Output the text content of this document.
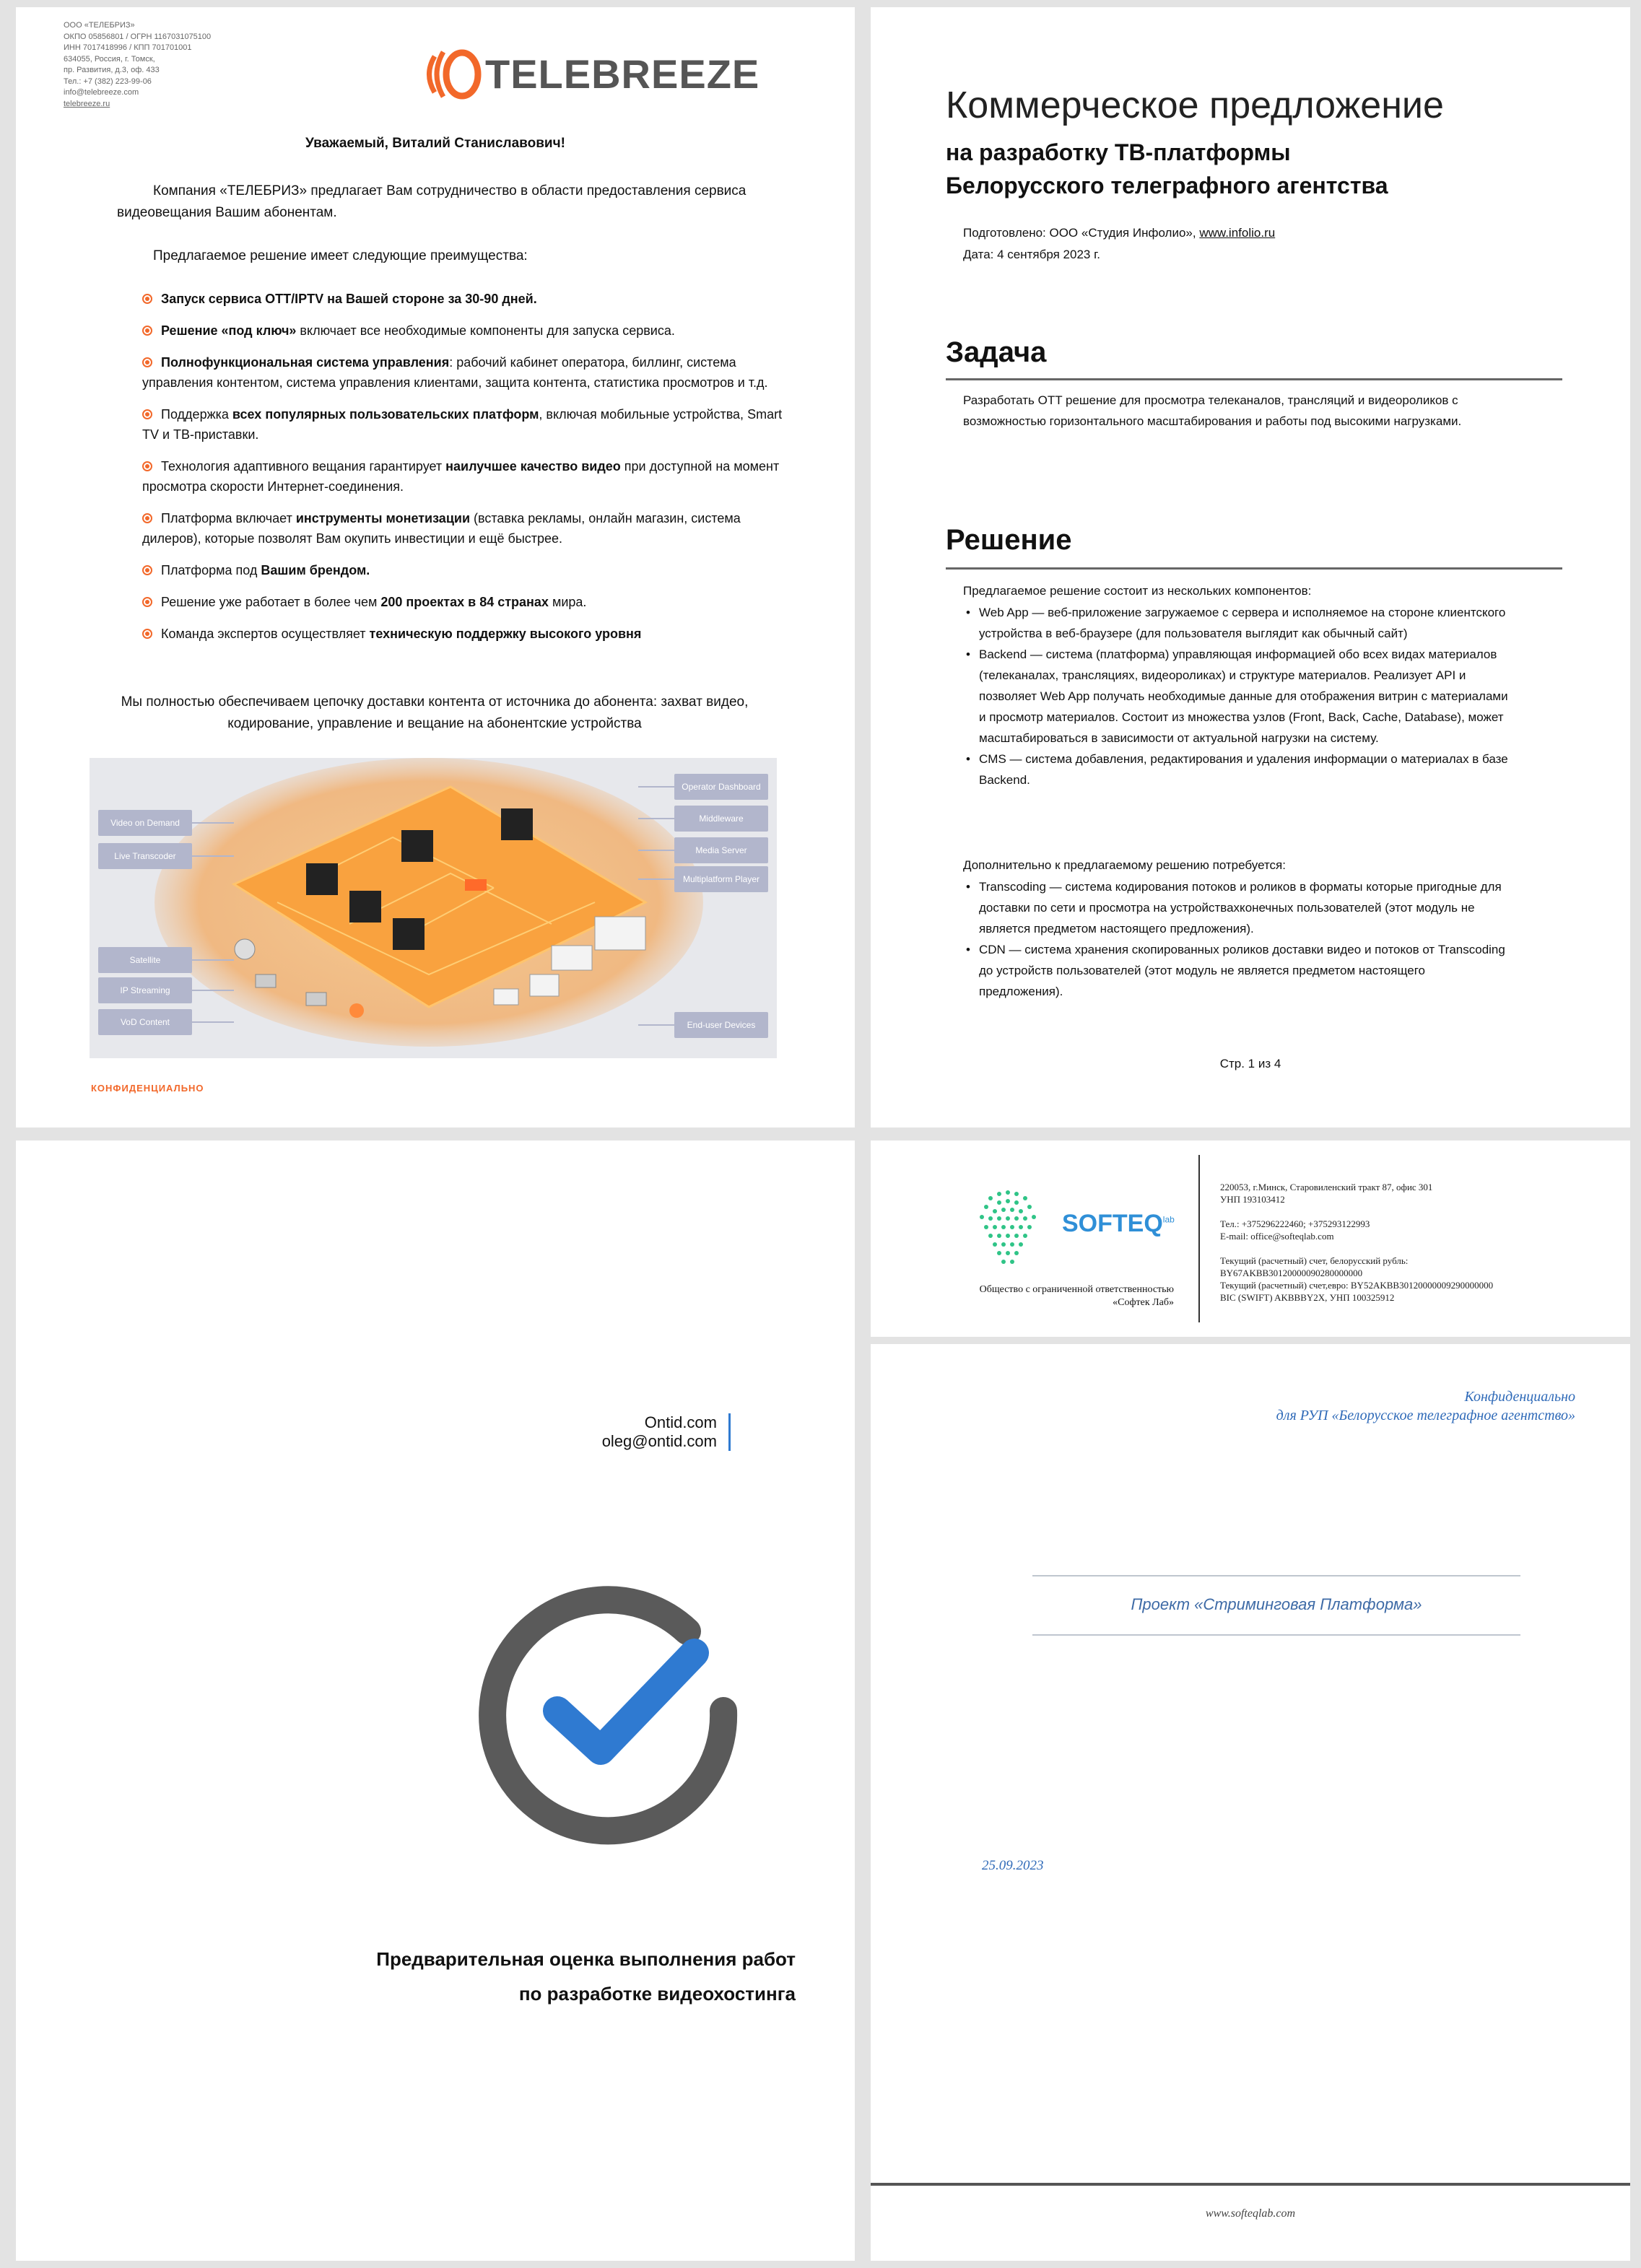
ООО «ТЕЛЕБРИЗ»
ОКПО 05856801 / ОГРН 1167031075100
ИНН 7017418996 / КПП 701701001
634055, Россия, г. Томск,
пр. Развития, д.3, оф. 433
Тел.: +7 (382) 223-99-06
info@telebreeze.com
telebreeze.ru
TELEBREEZE
Уважаемый, Виталий Станиславович!
Компания «ТЕЛЕБРИЗ» предлагает Вам сотрудничество в области предоставления сервиса видеовещания Вашим абонентам.
Предлагаемое решение имеет следующие преимущества:
Запуск сервиса OTT/IPTV на Вашей стороне за 30-90 дней.
Решение «под ключ» включает все необходимые компоненты для запуска сервиса.
Полнофункциональная система управления: рабочий кабинет оператора, биллинг, система управления контентом, система управления клиентами, защита контента, статистика просмотров и т.д.
Поддержка всех популярных пользовательских платформ, включая мобильные устройства, Smart TV и ТВ-приставки.
Технология адаптивного вещания гарантирует наилучшее качество видео при доступной на момент просмотра скорости Интернет-соединения.
Платформа включает инструменты монетизации (вставка рекламы, онлайн магазин, система дилеров), которые позволят Вам окупить инвестиции и ещё быстрее.
Платформа под Вашим брендом.
Решение уже работает в более чем 200 проектах в 84 странах мира.
Команда экспертов осуществляет техническую поддержку высокого уровня
Мы полностью обеспечиваем цепочку доставки контента от источника до абонента: захват видео, кодирование, управление и вещание на абонентские устройства
Video on Demand
Live Transcoder
Satellite
IP Streaming
VoD Content
Operator Dashboard
Middleware
Media Server
Multiplatform Player
End-user Devices
КОНФИДЕНЦИАЛЬНО
Коммерческое предложение
на разработку ТВ-платформы
Белорусского телеграфного агентства
Подготовлено: ООО «Студия Инфолио», www.infolio.ru
Дата: 4 сентября 2023 г.
Задача
Разработать OTT решение для просмотра телеканалов, трансляций и видеороликов с возможностью горизонтального масштабирования и работы под высокими нагрузками.
Решение
Предлагаемое решение состоит из нескольких компонентов:
• Web App — веб-приложение загружаемое с сервера и исполняемое на стороне клиентского устройства в веб-браузере (для пользователя выглядит как обычный сайт)
• Backend — система (платформа) управляющая информацией обо всех видах материалов (телеканалах, трансляциях, видеороликах) и структуре материалов. Реализует API и позволяет Web App получать необходимые данные для отображения витрин с материалами и просмотр материалов. Состоит из множества узлов (Front, Back, Cache, Database), может масштабироваться в зависимости от актуальной нагрузки на систему.
• CMS — система добавления, редактирования и удаления информации о материалах в базе Backend.
Дополнительно к предлагаемому решению потребуется:
• Transcoding — система кодирования потоков и роликов в форматы которые пригодные для доставки по сети и просмотра на устройствахконечных пользователей (этот модуль не является предметом настоящего предложения).
• CDN — система хранения скопированных роликов доставки видео и потоков от Transcoding до устройств пользователей (этот модуль не является предметом настоящего предложения).
Стр. 1 из 4
Ontid.com
oleg@ontid.com
Предварительная оценка выполнения работ
по разработке видеохостинга
$SOFTEQ^{lab}$
Общество с ограниченной ответственностью
«Софтек Лаб»
220053, г.Минск, Старовиленский тракт 87, офис 301
УНП 193103412
Тел.: +375296222460; +375293122993
E-mail: office@softeqlab.com
Текущий (расчетный) счет, белорусский рубль:
BY67AKBB30120000090280000000
Текущий (расчетный) счет,евро: BY52AKBB30120000009290000000
BIC (SWIFT) AKBBBY2X, УНП 100325912
Конфиденциально
для РУП «Белорусское телеграфное агентство»
Проект «Стриминговая Платформа»
25.09.2023
www.softeqlab.com
